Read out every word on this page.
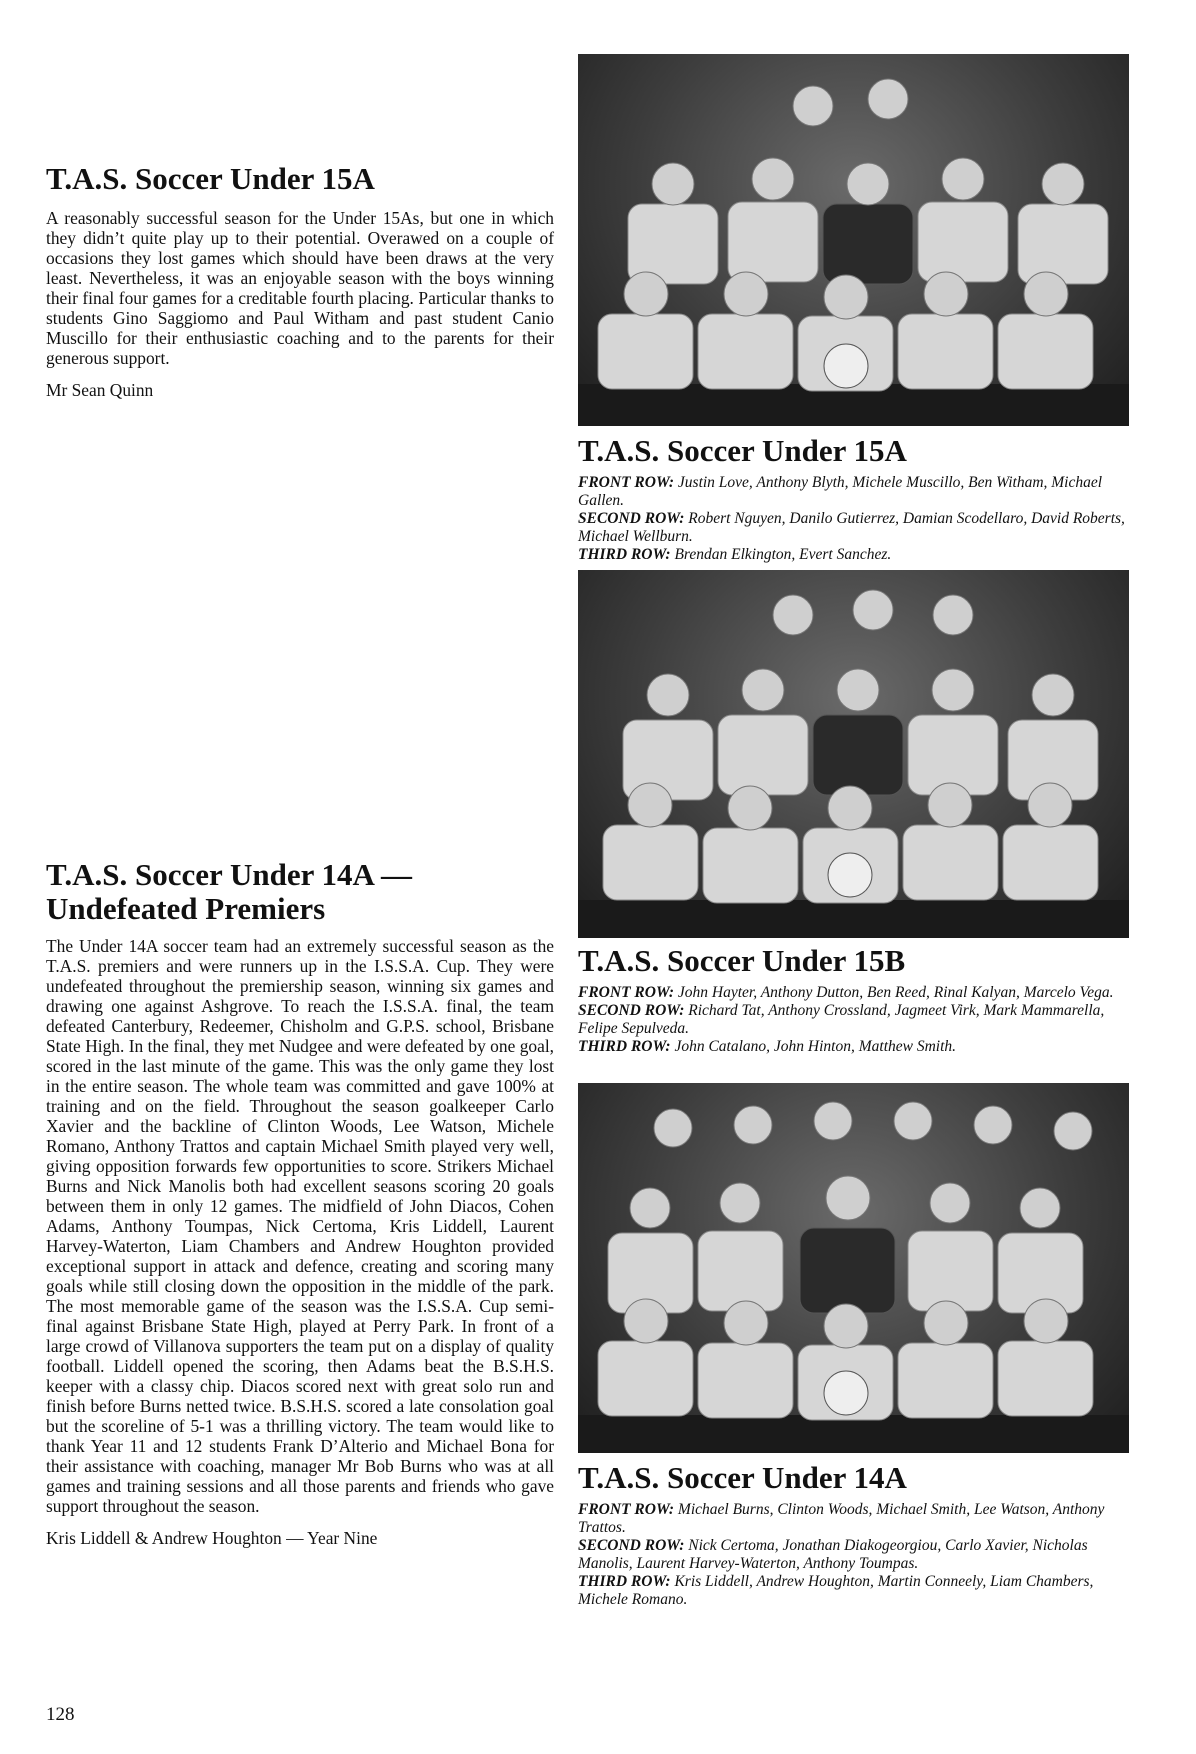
T.A.S. Soccer Under 15A

A reasonably successful season for the Under 15As, but one in which they didn’t quite play up to their potential. Overawed on a couple of occasions they lost games which should have been draws at the very least. Nevertheless, it was an enjoyable season with the boys winning their final four games for a creditable fourth placing. Particular thanks to students Gino Saggiomo and Paul Witham and past student Canio Muscillo for their enthusiastic coaching and to the parents for their generous support.

Mr Sean Quinn
T.A.S. Soccer Under 14A — Undefeated Premiers

The Under 14A soccer team had an extremely successful season as the T.A.S. premiers and were runners up in the I.S.S.A. Cup. They were undefeated throughout the premiership season, winning six games and drawing one against Ashgrove. To reach the I.S.S.A. final, the team defeated Canterbury, Redeemer, Chisholm and G.P.S. school, Brisbane State High. In the final, they met Nudgee and were defeated by one goal, scored in the last minute of the game. This was the only game they lost in the entire season. The whole team was committed and gave 100% at training and on the field. Throughout the season goalkeeper Carlo Xavier and the backline of Clinton Woods, Lee Watson, Michele Romano, Anthony Trattos and captain Michael Smith played very well, giving opposition forwards few opportunities to score. Strikers Michael Burns and Nick Manolis both had excellent seasons scoring 20 goals between them in only 12 games. The midfield of John Diacos, Cohen Adams, Anthony Toumpas, Nick Certoma, Kris Liddell, Laurent Harvey-Waterton, Liam Chambers and Andrew Houghton provided exceptional support in attack and defence, creating and scoring many goals while still closing down the opposition in the middle of the park. The most memorable game of the season was the I.S.S.A. Cup semi-final against Brisbane State High, played at Perry Park. In front of a large crowd of Villanova supporters the team put on a display of quality football. Liddell opened the scoring, then Adams beat the B.S.H.S. keeper with a classy chip. Diacos scored next with great solo run and finish before Burns netted twice. B.S.H.S. scored a late consolation goal but the scoreline of 5-1 was a thrilling victory. The team would like to thank Year 11 and 12 students Frank D’Alterio and Michael Bona for their assistance with coaching, manager Mr Bob Burns who was at all games and training sessions and all those parents and friends who gave support throughout the season.

Kris Liddell & Andrew Houghton — Year Nine
T.A.S. Soccer Under 15A

FRONT ROW: Justin Love, Anthony Blyth, Michele Muscillo, Ben Witham, Michael Gallen.

SECOND ROW: Robert Nguyen, Danilo Gutierrez, Damian Scodellaro, David Roberts, Michael Wellburn.

THIRD ROW: Brendan Elkington, Evert Sanchez.

T.A.S. Soccer Under 15B

FRONT ROW: John Hayter, Anthony Dutton, Ben Reed, Rinal Kalyan, Marcelo Vega.

SECOND ROW: Richard Tat, Anthony Crossland, Jagmeet Virk, Mark Mammarella, Felipe Sepulveda.

THIRD ROW: John Catalano, John Hinton, Matthew Smith.

T.A.S. Soccer Under 14A

FRONT ROW: Michael Burns, Clinton Woods, Michael Smith, Lee Watson, Anthony Trattos.

SECOND ROW: Nick Certoma, Jonathan Diakogeorgiou, Carlo Xavier, Nicholas Manolis, Laurent Harvey-Waterton, Anthony Toumpas.

THIRD ROW: Kris Liddell, Andrew Houghton, Martin Conneely, Liam Chambers, Michele Romano.

128
